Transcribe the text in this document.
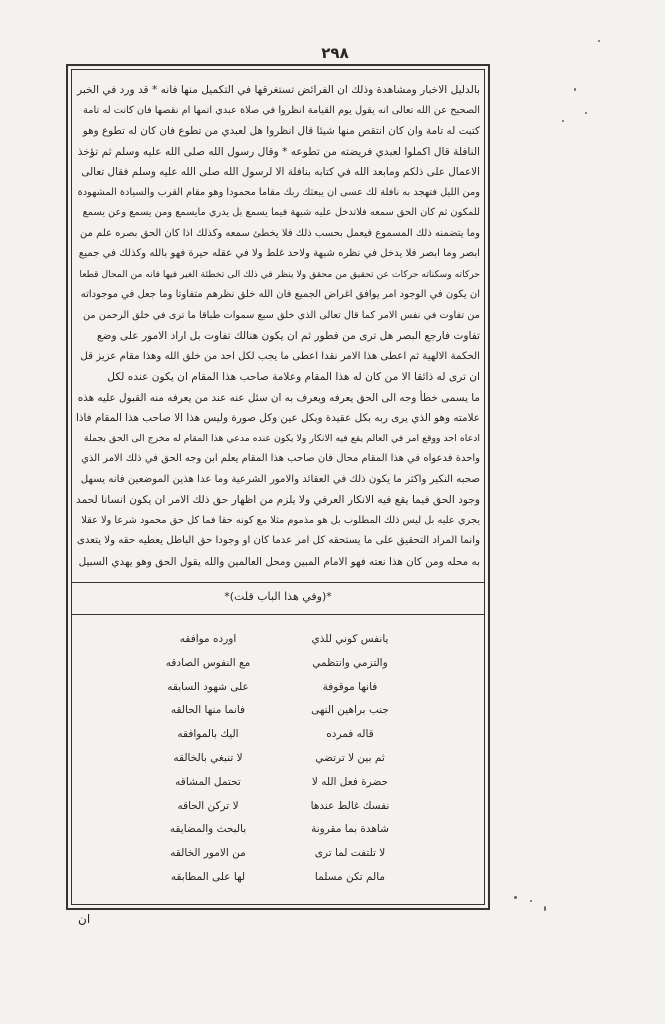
٢٩٨

بالدليل الاخبار ومشاهدة وذلك ان الفرائض تستغرقها في التكميل منها فانه * قد ورد في الخبر

الصحيح عن الله تعالى انه يقول يوم القيامة انظروا في صلاة عبدي اتمها ام نقصها فان كانت له تامة

كتبت له تامة وان كان انتقص منها شيئا قال انظروا هل لعبدي من تطوع فان كان له تطوع وهو

النافلة قال اكملوا لعبدي فريضته من تطوعه * وقال رسول الله صلى الله عليه وسلم ثم تؤخذ

الاعمال على ذلكم ومابعد الله في كتابه بنافلة الا لرسول الله صلى الله عليه وسلم فقال تعالى

ومن الليل فتهجد به نافلة لك عسى ان يبعثك ربك مقاما محمودا وهو مقام القرب والسيادة المشهودة

للمكون ثم كان الحق سمعه فلاتدخل عليه شبهة فيما يسمع بل يدري مايسمع ومن يسمع وعن يسمع

وما يتضمنه ذلك المسموع فيعمل بحسب ذلك فلا يخطئ سمعه وكذلك اذا كان الحق بصره علم من

ابصر وما ابصر فلا يدخل في نظره شبهة ولاحد غلط ولا في عقله حيرة فهو بالله وكذلك في جميع

حركاته وسكناته حركات عن تحقيق من محقق ولا ينظر في ذلك الى تخطئة الغير فيها فانه من المحال قطعا

ان يكون في الوجود امر يوافق اغراض الجميع فان الله خلق نظرهم متفاوتا وما جعل في موجوداته

من تفاوت في نفس الامر كما قال تعالى الذي خلق سبع سموات طباقا ما ترى في خلق الرحمن من

تفاوت فارجع البصر هل ترى من فطور ثم ان يكون هنالك تفاوت بل اراد الامور على وضع

الحكمة الالهية ثم اعطى هذا الامر نقدا اعطى ما يجب لكل احد من خلق الله وهذا مقام عزيز قل

ان ترى له ذائقا الا من كان له هذا المقام وعلامة صاحب هذا المقام ان يكون عنده لكل

ما يسمى خطأ وجه الى الحق يعرفه ويعرف به ان سئل عنه عند من يعرفه منه القبول عليه هذه

علامته وهو الذي يرى ربه بكل عقيدة وبكل عين وكل صورة وليس هذا الا صاحب هذا المقام فاذا

ادعاه احد ووقع امر في العالم يقع فيه الانكار ولا يكون عنده مدعي هذا المقام له مخرج الى الحق بجملة

واحدة فدعواه في هذا المقام محال فان صاحب هذا المقام يعلم ابن وجه الحق في ذلك الامر الذي

صحبه النكير واكثر ما يكون ذلك في العقائد والامور الشرعية وما عدا هذين الموضعين فانه يسهل

وجود الحق فيما يقع فيه الانكار العرفي ولا يلزم من اظهار حق ذلك الامر ان يكون انسانا لحمد

يجري عليه بل ليس ذلك المطلوب بل هو مذموم مثلا مع كونه حقا فما كل حق محمود شرعا ولا عقلا

وانما المراد التحقيق على ما يستحقه كل امر عدما كان او وجودا حق الباطل يعطيه حقه ولا يتعدى

به محله ومن كان هذا نعته فهو الامام المبين ومحل العالمين والله يقول الحق وهو يهدي السبيل

*(وفي هذا الباب قلت)*
يانفس كوني للذي
والتزمي وانتظمي
فانها موقوفة
جنب براهين النهى
قاله فمرده
ثم بين لا ترتضي
حضرة فعل الله لا
نفسك غالط عندها
شاهدة بما مقرونة
لا تلتفت لما ترى
مالم تكن مسلما
اورده موافقه
مع النفوس الصادقه
على شهود السابقه
فانما منها الحالقه
اليك بالموافقه
لا تنبغي بالخالقه
تحتمل المشاقه
لا تركن الحاقه
بالبحث والمضايقه
من الامور الخالقه
لها على المطابقه
ان
